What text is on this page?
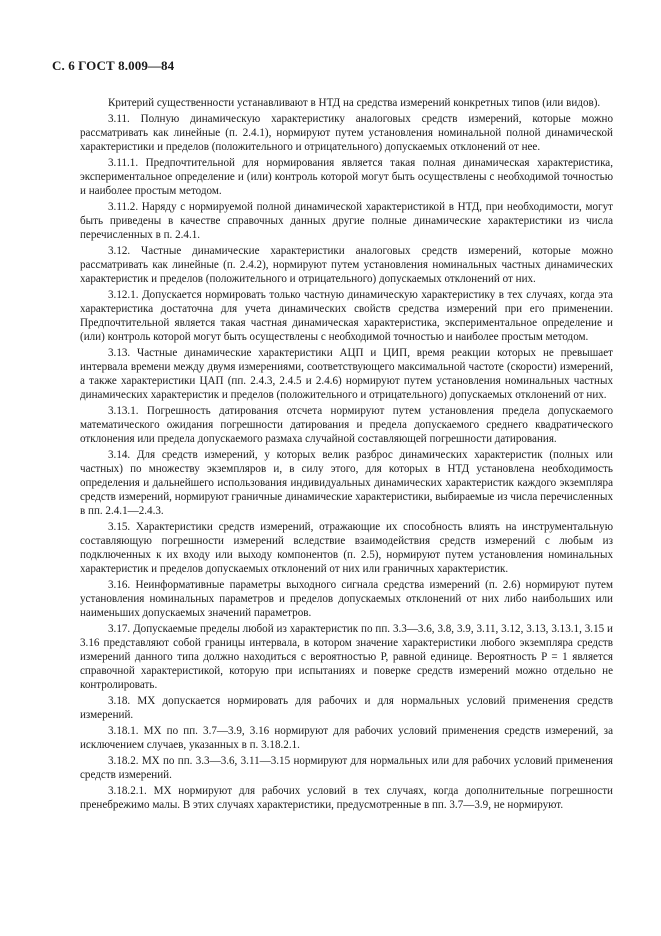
С. 6 ГОСТ 8.009—84

Критерий существенности устанавливают в НТД на средства измерений конкретных типов (или видов).

3.11. Полную динамическую характеристику аналоговых средств измерений, которые можно рассматривать как линейные (п. 2.4.1), нормируют путем установления номинальной полной динамической характеристики и пределов (положительного и отрицательного) допускаемых отклонений от нее.

3.11.1. Предпочтительной для нормирования является такая полная динамическая характеристика, экспериментальное определение и (или) контроль которой могут быть осуществлены с необходимой точностью и наиболее простым методом.

3.11.2. Наряду с нормируемой полной динамической характеристикой в НТД, при необходимости, могут быть приведены в качестве справочных данных другие полные динамические характеристики из числа перечисленных в п. 2.4.1.

3.12. Частные динамические характеристики аналоговых средств измерений, которые можно рассматривать как линейные (п. 2.4.2), нормируют путем установления номинальных частных динамических характеристик и пределов (положительного и отрицательного) допускаемых отклонений от них.

3.12.1. Допускается нормировать только частную динамическую характеристику в тех случаях, когда эта характеристика достаточна для учета динамических свойств средства измерений при его применении. Предпочтительной является такая частная динамическая характеристика, экспериментальное определение и (или) контроль которой могут быть осуществлены с необходимой точностью и наиболее простым методом.

3.13. Частные динамические характеристики АЦП и ЦИП, время реакции которых не превышает интервала времени между двумя измерениями, соответствующего максимальной частоте (скорости) измерений, а также характеристики ЦАП (пп. 2.4.3, 2.4.5 и 2.4.6) нормируют путем установления номинальных частных динамических характеристик и пределов (положительного и отрицательного) допускаемых отклонений от них.

3.13.1. Погрешность датирования отсчета нормируют путем установления предела допускаемого математического ожидания погрешности датирования и предела допускаемого среднего квадратического отклонения или предела допускаемого размаха случайной составляющей погрешности датирования.

3.14. Для средств измерений, у которых велик разброс динамических характеристик (полных или частных) по множеству экземпляров и, в силу этого, для которых в НТД установлена необходимость определения и дальнейшего использования индивидуальных динамических характеристик каждого экземпляра средств измерений, нормируют граничные динамические характеристики, выбираемые из числа перечисленных в пп. 2.4.1—2.4.3.

3.15. Характеристики средств измерений, отражающие их способность влиять на инструментальную составляющую погрешности измерений вследствие взаимодействия средств измерений с любым из подключенных к их входу или выходу компонентов (п. 2.5), нормируют путем установления номинальных характеристик и пределов допускаемых отклонений от них или граничных характеристик.

3.16. Неинформативные параметры выходного сигнала средства измерений (п. 2.6) нормируют путем установления номинальных параметров и пределов допускаемых отклонений от них либо наибольших или наименьших допускаемых значений параметров.

3.17. Допускаемые пределы любой из характеристик по пп. 3.3—3.6, 3.8, 3.9, 3.11, 3.12, 3.13, 3.13.1, 3.15 и 3.16 представляют собой границы интервала, в котором значение характеристики любого экземпляра средств измерений данного типа должно находиться с вероятностью P, равной единице. Вероятность P = 1 является справочной характеристикой, которую при испытаниях и поверке средств измерений можно отдельно не контролировать.

3.18. МХ допускается нормировать для рабочих и для нормальных условий применения средств измерений.

3.18.1. МХ по пп. 3.7—3.9, 3.16 нормируют для рабочих условий применения средств измерений, за исключением случаев, указанных в п. 3.18.2.1.

3.18.2. МХ по пп. 3.3—3.6, 3.11—3.15 нормируют для нормальных или для рабочих условий применения средств измерений.

3.18.2.1. МХ нормируют для рабочих условий в тех случаях, когда дополнительные погрешности пренебрежимо малы. В этих случаях характеристики, предусмотренные в пп. 3.7—3.9, не нормируют.
